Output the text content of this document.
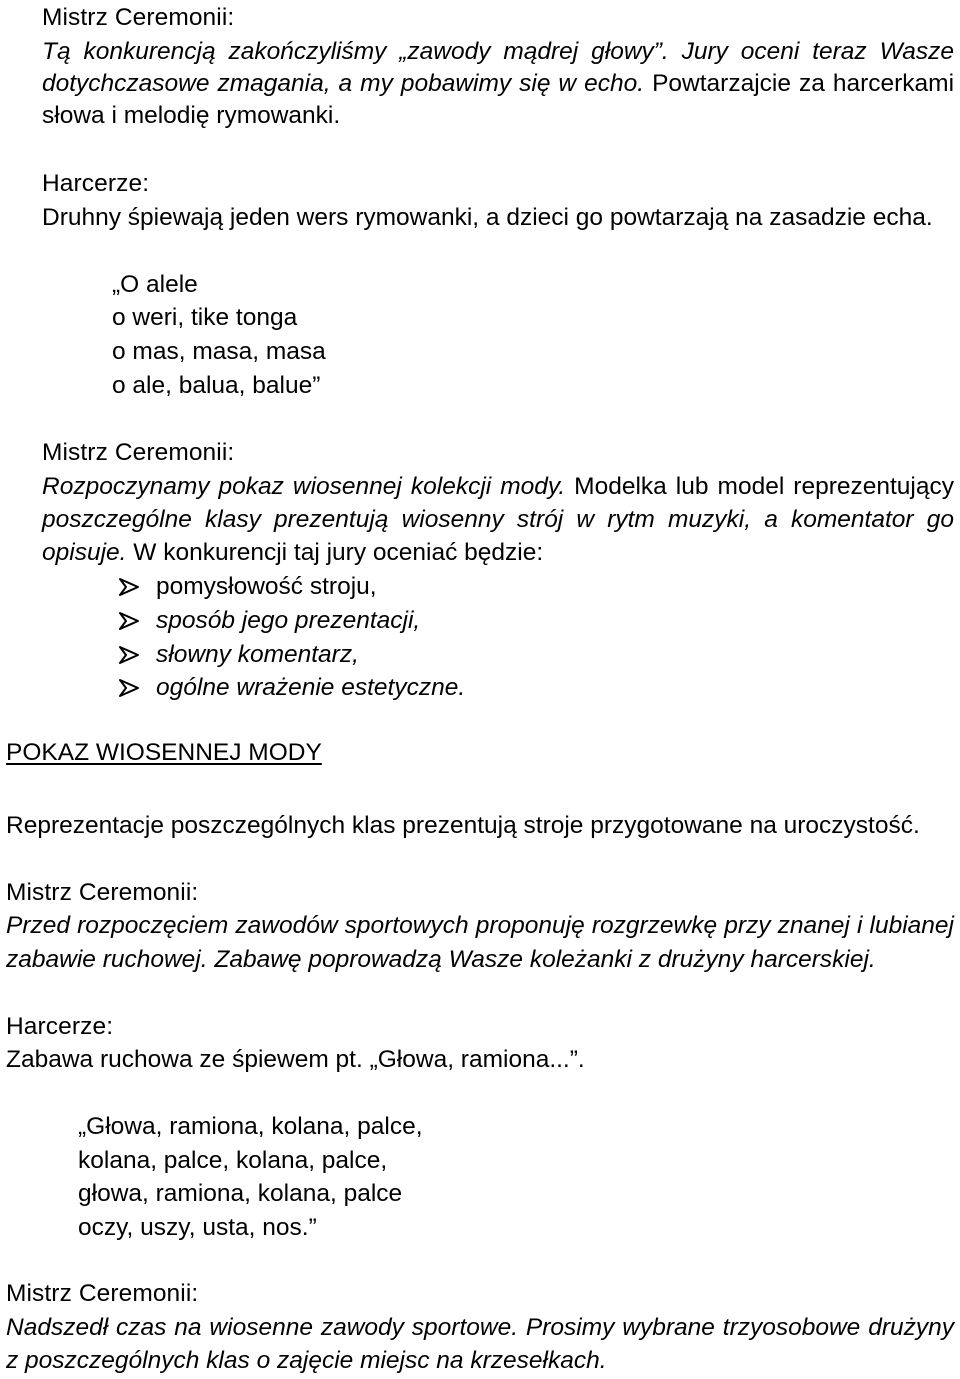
Mistrz Ceremonii:
Tą konkurencją zakończyliśmy „zawody mądrej głowy”. Jury oceni teraz Wasze
dotychczasowe zmagania, a my pobawimy się w echo. Powtarzajcie za harcerkami
słowa i melodię rymowanki.
Harcerze:
Druhny śpiewają jeden wers rymowanki, a dzieci go powtarzają na zasadzie echa.
„O alele
o weri, tike tonga
o mas, masa, masa
o ale, balua, balue”
Mistrz Ceremonii:
Rozpoczynamy pokaz wiosennej kolekcji mody. Modelka lub model reprezentujący
poszczególne klasy prezentują wiosenny strój w rytm muzyki, a komentator go
opisuje. W konkurencji taj jury oceniać będzie:
pomysłowość stroju,
sposób jego prezentacji,
słowny komentarz,
ogólne wrażenie estetyczne.
POKAZ WIOSENNEJ MODY
Reprezentacje poszczególnych klas prezentują stroje przygotowane na uroczystość.
Mistrz Ceremonii:
Przed rozpoczęciem zawodów sportowych proponuję rozgrzewkę przy znanej i lubianej
zabawie ruchowej. Zabawę poprowadzą Wasze koleżanki z drużyny harcerskiej.
Harcerze:
Zabawa ruchowa ze śpiewem pt. „Głowa, ramiona...”.
„Głowa, ramiona, kolana, palce,
kolana, palce, kolana, palce,
głowa, ramiona, kolana, palce
oczy, uszy, usta, nos.”
Mistrz Ceremonii:
Nadszedł czas na wiosenne zawody sportowe. Prosimy wybrane trzyosobowe drużyny
z poszczególnych klas o zajęcie miejsc na krzesełkach.
